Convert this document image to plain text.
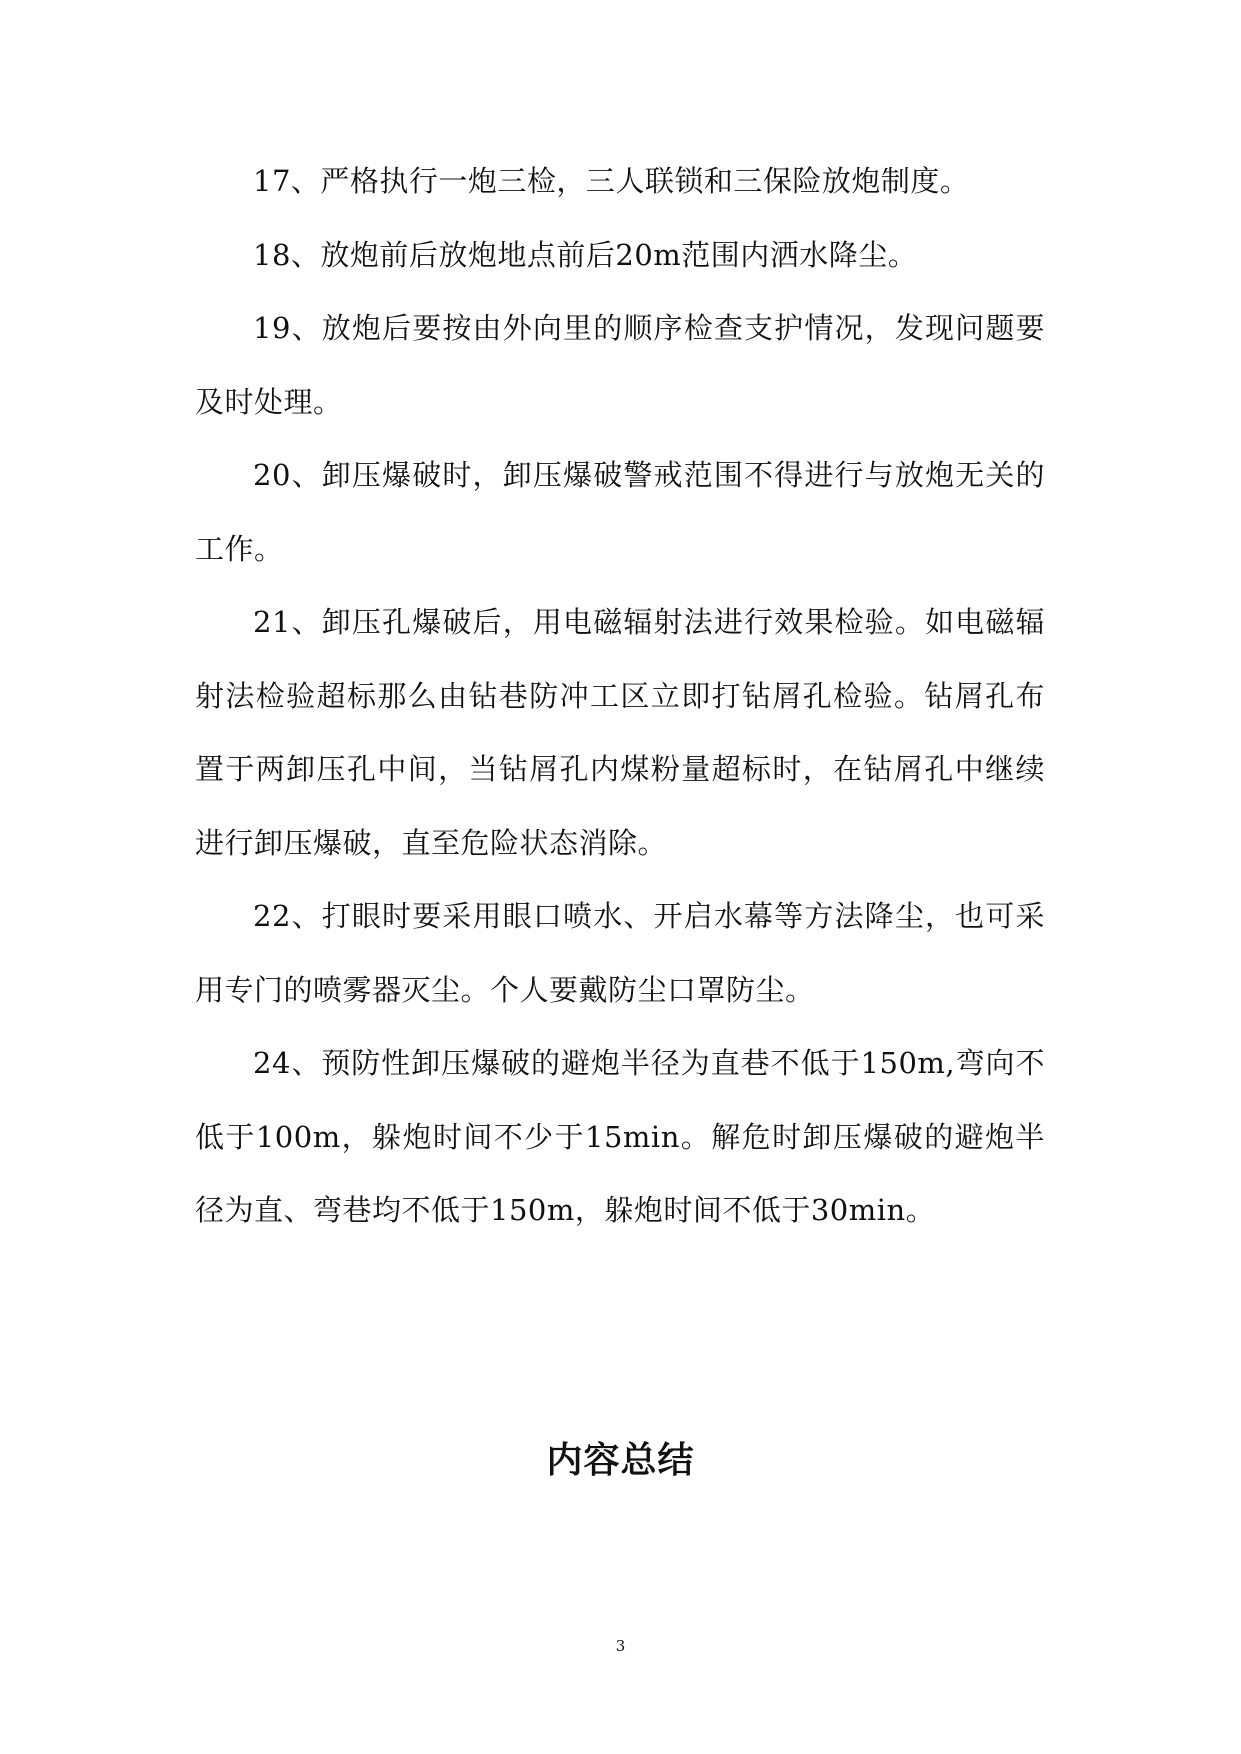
17、严格执行一炮三检，三人联锁和三保险放炮制度。

18、放炮前后放炮地点前后20m范围内洒水降尘。

19、放炮后要按由外向里的顺序检查支护情况，发现问题要及时处理。

20、卸压爆破时，卸压爆破警戒范围不得进行与放炮无关的工作。

21、卸压孔爆破后，用电磁辐射法进行效果检验。如电磁辐射法检验超标那么由钻巷防冲工区立即打钻屑孔检验。钻屑孔布置于两卸压孔中间，当钻屑孔内煤粉量超标时，在钻屑孔中继续进行卸压爆破，直至危险状态消除。

22、打眼时要采用眼口喷水、开启水幕等方法降尘，也可采用专门的喷雾器灭尘。个人要戴防尘口罩防尘。

24、预防性卸压爆破的避炮半径为直巷不低于150m,弯向不低于100m，躲炮时间不少于15min。解危时卸压爆破的避炮半径为直、弯巷均不低于150m，躲炮时间不低于30min。

内容总结
3
